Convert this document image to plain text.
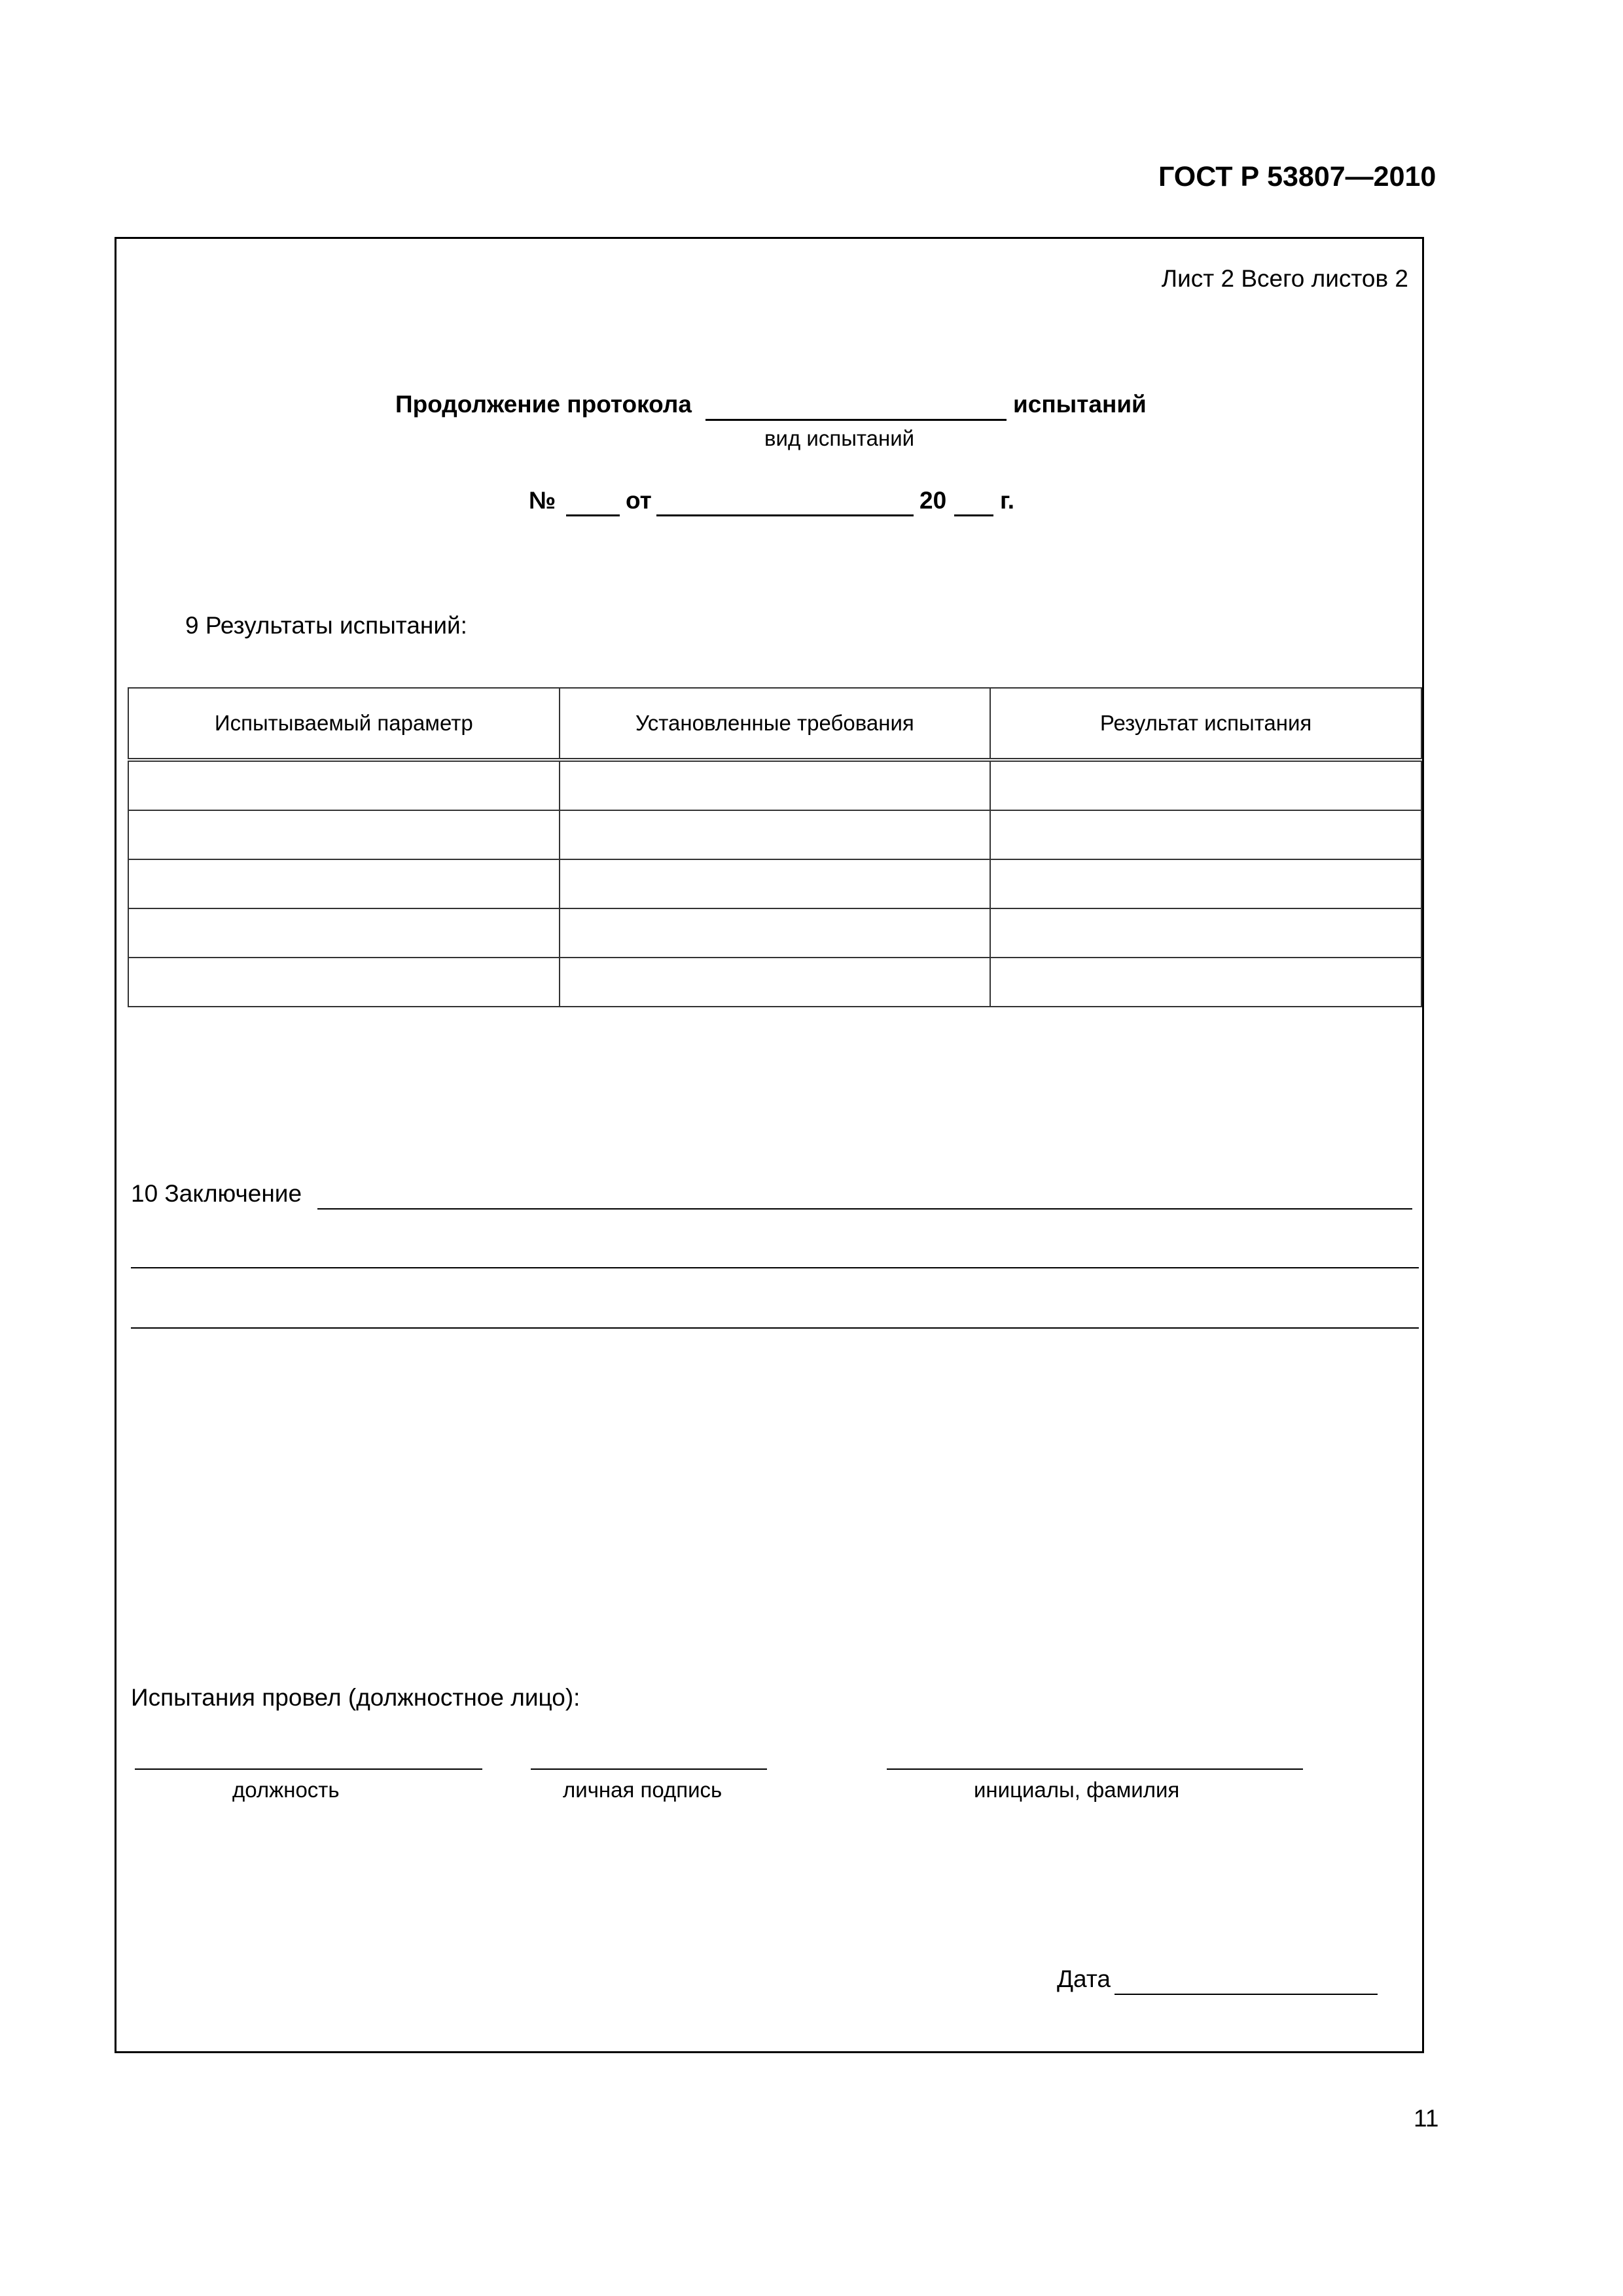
ГОСТ Р 53807—2010
Лист 2 Всего листов 2
Продолжение протокола	испытаний
вид испытаний
№	от	20 г.
9 Результаты испытаний:
Испытываемый параметр	Установленные требования	Результат испытания

10 Заключение
Испытания провел (должностное лицо):
должность	личная подпись	инициалы, фамилия
Дата
11
